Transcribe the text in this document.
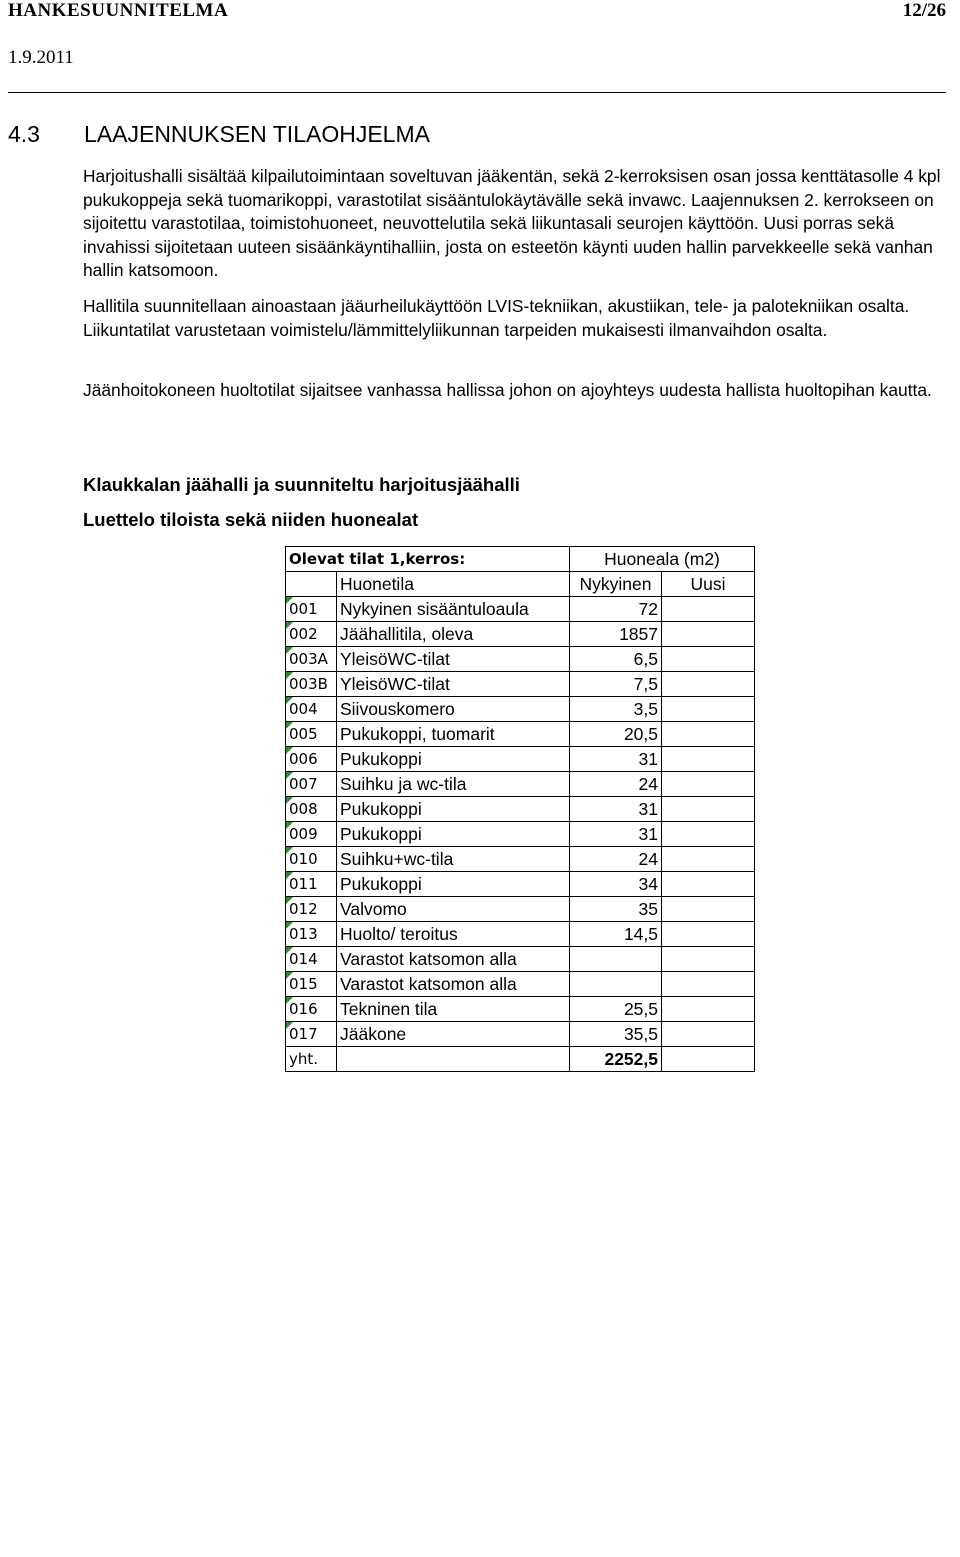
HANKESUUNNITELMA	12/26
1.9.2011
4.3 LAAJENNUKSEN TILAOHJELMA

Harjoitushalli sisältää kilpailutoimintaan soveltuvan jääkentän, sekä 2-kerroksisen osan jossa kenttätasolle 4 kpl pukukoppeja sekä tuomarikoppi, varastotilat sisääntulokäytävälle sekä invawc. Laajennuksen 2. kerrokseen on sijoitettu varastotilaa, toimistohuoneet, neuvottelutila sekä liikuntasali seurojen käyttöön. Uusi porras sekä invahissi sijoitetaan uuteen sisäänkäyntihalliin, josta on esteetön käynti uuden hallin parvekkeelle sekä vanhan hallin katsomoon.

Hallitila suunnitellaan ainoastaan jääurheilukäyttöön LVIS-tekniikan, akustiikan, tele- ja palotekniikan osalta. Liikuntatilat varustetaan voimistelu/lämmittelyliikunnan tarpeiden mukaisesti ilmanvaihdon osalta.

Jäänhoitokoneen huoltotilat sijaitsee vanhassa hallissa johon on ajoyhteys uudesta hallista huoltopihan kautta.

Klaukkalan jäähalli ja suunniteltu harjoitusjäähalli
Luettelo tiloista sekä niiden huonealat
Olevat tilat 1,kerros:		Huoneala (m2)	
	Huonetila	Nykyinen	Uusi

001	Nykyinen sisääntuloaula	72	

002	Jäähallitila, oleva	1857	

003A	YleisöWC-tilat	6,5	

003B	YleisöWC-tilat	7,5	

004	Siivouskomero	3,5	

005	Pukukoppi, tuomarit	20,5	

006	Pukukoppi	31	

007	Suihku ja wc-tila	24	

008	Pukukoppi	31	

009	Pukukoppi	31	

010	Suihku+wc-tila	24	

011	Pukukoppi	34	

012	Valvomo	35	

013	Huolto/ teroitus	14,5	

014	Varastot katsomon alla		

015	Varastot katsomon alla		

016	Tekninen tila	25,5	

017	Jääkone	35,5	
yht.		2252,5	
